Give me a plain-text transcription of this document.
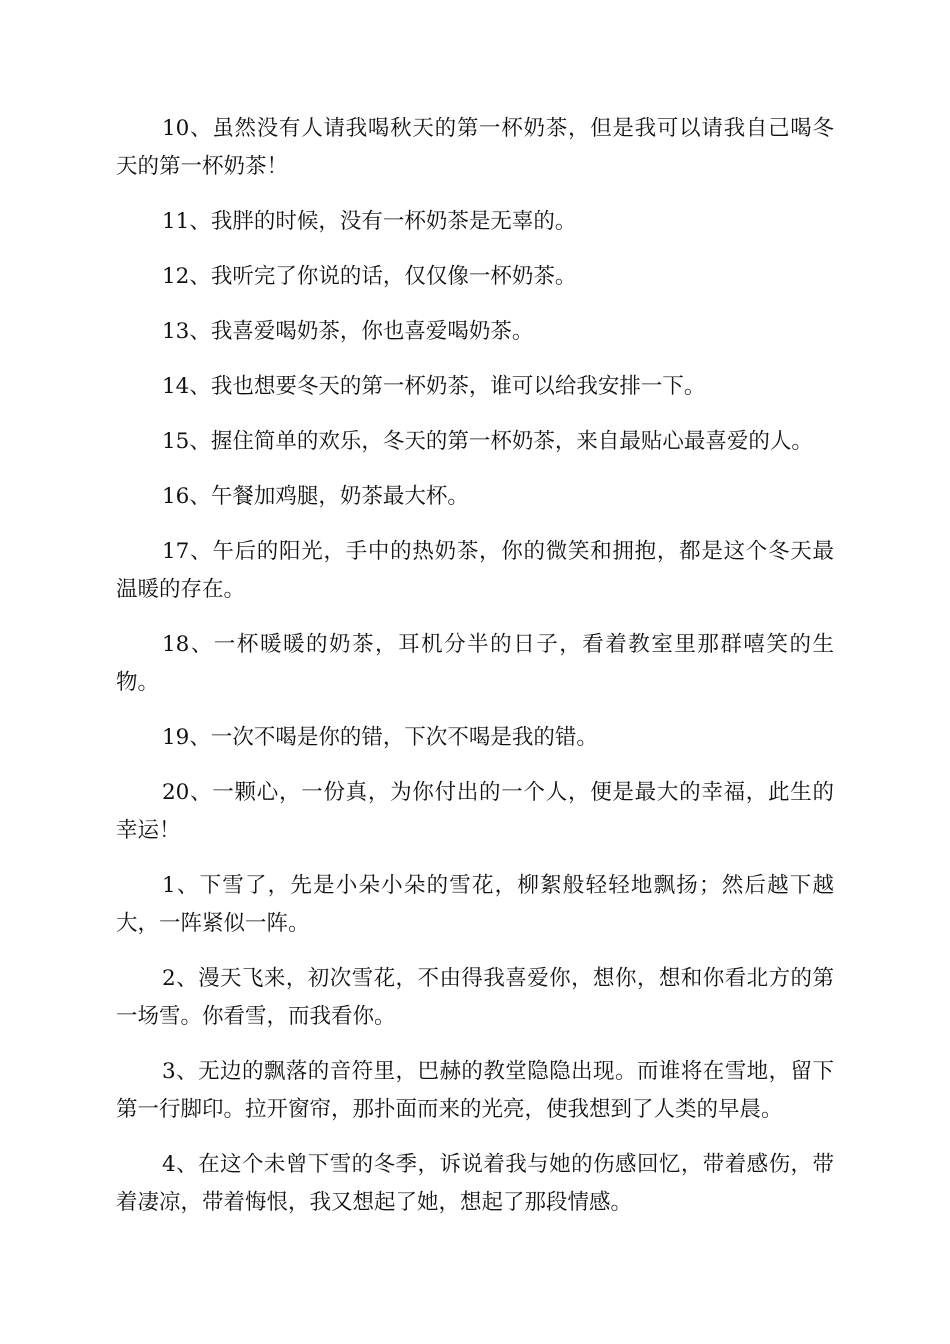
10、虽然没有人请我喝秋天的第一杯奶茶，但是我可以请我自己喝冬天的第一杯奶茶！

11、我胖的时候，没有一杯奶茶是无辜的。

12、我听完了你说的话，仅仅像一杯奶茶。

13、我喜爱喝奶茶，你也喜爱喝奶茶。

14、我也想要冬天的第一杯奶茶，谁可以给我安排一下。

15、握住简单的欢乐，冬天的第一杯奶茶，来自最贴心最喜爱的人。

16、午餐加鸡腿，奶茶最大杯。

17、午后的阳光，手中的热奶茶，你的微笑和拥抱，都是这个冬天最温暖的存在。

18、一杯暖暖的奶茶，耳机分半的日子，看着教室里那群嘻笑的生物。

19、一次不喝是你的错，下次不喝是我的错。

20、一颗心，一份真，为你付出的一个人，便是最大的幸福，此生的幸运！

1、下雪了，先是小朵小朵的雪花，柳絮般轻轻地飘扬；然后越下越大，一阵紧似一阵。

2、漫天飞来，初次雪花，不由得我喜爱你，想你，想和你看北方的第一场雪。你看雪，而我看你。

3、无边的飘落的音符里，巴赫的教堂隐隐出现。而谁将在雪地，留下第一行脚印。拉开窗帘，那扑面而来的光亮，使我想到了人类的早晨。

4、在这个未曾下雪的冬季，诉说着我与她的伤感回忆，带着感伤，带着凄凉，带着悔恨，我又想起了她，想起了那段情感。
